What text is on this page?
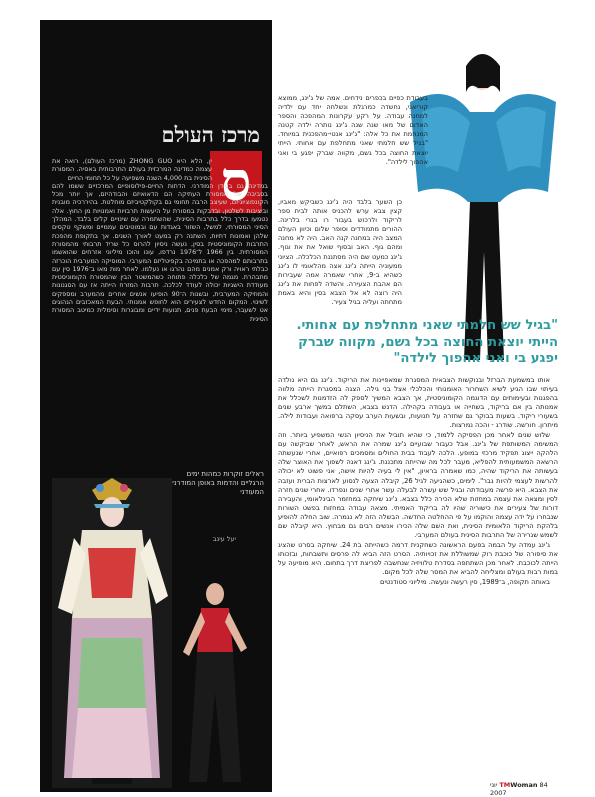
מרכז העולם
ס
ין, הלא היא ZHONG GUO (מרכז העולם), רואה את עצמה כמדינה המרכזית בעולם התרבותית באסיה. המסורת הסינית בת 4,000 השנה משפיעה על כל תחומי החיים
במדינה גם בעידן המודרני. הדתות החיים-פילוסופיים המרכזיים ששמו להם בסביבה של המסורת העתיקה הם הדאואיזם והבודהיזם, אך יותר מכל הקונפוציוניזם, שעיצב הרבה תחומי גם בקולקטיביזם מוחלטת. בהיררכיה מובנית וביציבות לשלטון, ובדבקות במסורת על היעשות תרבויות ואמנויות מן החוץ. אלה נטמעו בדרך כלל בתרבות הסינית, שהשתמרה עם שינויים קלים בלבד. המהלך הסיני המסורתי, למשל, השזור באגדות עם ובמוטיבים עממיים ומשקף טקסים שלהן ואמונות דתיות, השתנה רק במעט לאורך השנים. אך בתקופת מהפכת התרבות הקומוניסטית בסין, נעשה ניסיון להרוס כל שריד תרבותי מהמסורת המסורתית. בין 1966 ל־1976 נרדפו, עונו והוכו מיליוני אזרחים שהואשמו בתרבותם למהפכה או בתמיכה בקפיטליזם המערבי. המוסיקה המערבית הוכרזה כבלתי ראויה ורק אמנים מהם נהרגו או נעלמו. לאחר מות מאו ב־1976 סין עם מתבהרת. מגמה של כלכלה פתוחה כשהמשטר הבין שהמסורת הקומוניסטית מעודדת הישגיות יכולה לעודד לכלכה. תרבות המזרח הייתה אז עם הסגנונות והמוזיקה המערבית, ובשנות ה־90 הופיעו אנשים אחרים מהמערב ומספקים לשינוי. המקום החדש לצעירים הוא לחופש אמנותי. הבעת המאכזבים הנהוגים אט לשעבר, מימי הבעת פנים, תנועות ידיים ומבוגרות וסימלית כמיטב המסורת הסינית
ראלים זוקרות כמהות ימים
הרגליים והדמות באופן המודרני המעודני
יעל עינב
בעבודת כפיים בכפרים נידחים. אמה של ג'ינג, ממוצא קוריאני, נחשדה כמרגלת ונשלחה יחד עם ילדיה למחנה עבודה. על רקע עקרונות המהפכה והספר האדום של מאו שנה שנה ג'ינג נותרה ילדה קטנה המנחמת את כל אלה: "ג'ינג אנטי-מהפכנית במיוחד. "בגיל שש חלמתי שאני מתחלפת עם אחותי. הייתי יוצאת החוצה בכל גשם, מקווה שברק יפגע בי ואני אהפוך לילדה".
כן השער בלבד היה ג'ינג כשביקש מאביו, קצין צבא ערש להכניס אותה לבית ספר לריקוד ולרכוש בעבור רו בגרי בלרינה. ההורים מתמודדים וסופר שלום וכיוון העולם המצב היה במחנה קנה האב. היה לא מחנה ומהם גוף. האב ובסוף שואל את את וגוף. ג'ינג כמעט שם היה מסתננת הכלכלה. הציוני ממעוניה הייתה ג'ינג אצה מהלאומי לו ג'ינג כשהיא ב-9, אחרי שאמרה אמה שעבירות הם אהבת הצעירה. והשדה לפחות את ג'ינג היה רוצה לא אל הצבא בסין והיא באמת מתחתה ועליה בגיל צעיר.
"בגיל שש חלמתי שאני מתחלפת עם אחותי. הייתי יוצאת החוצה בכל גשם, מקווה שברק יפגע בי ואני אהפוך לילדה"

אותו במשמעת הברזל ובנוקשות הצבאית המסגרת שמאפיינות את הריקוד. ג'ינג גם היא נולדה בעיתוי שבו הגיע לשיא השחרור האומנותי והכלכלי אצל בני גילה. הצגה במסגרת הייתה מלווה בהפגנות ובעימותים עם הדוגמה הקומוניסטית, אך הצבא המשיך לספק לה הזדמנות לשכלל את אמנותה בין אם בריקוד, בשחייה או בעבודה בקהילה. הדגש בצבא, השתלם במשך ארבע שנים בשעורי ריקוד. בשעות בבוקר גם שחזרה על תנועות, ובשעות הערב עסקה ברפואה ועבודות לילה. מיתרון. חורשה. שודרג - והכה נמרצות.

שלוש שנים לאחר מכן הפסיקה ללמוד, כי שהיא תוביל את הניסיון הנשי המשפיע ביותר. וזה המשימה המשותפת של ג'ינג. אבל כעבור שבועיים ג'ינג שמרה את הראש, לאחר שביקשה עם הלהקה ייצוג תפקיד מרכזי במופע. הלכה לעבוד בבית החולים ומסמכים רפואיים, אחרי שנעשתה הרשאה המשמעותית להפליא, מעבר לכל מה שהייתה מתכננת. ג'ינג דאגה לשפוך את האוצר שלה בעשותה את הריקוד שהיה, כמו שאמרה בראיון, "אין לי בעיה להיות אישה, אני פשוט לא יכולה להרשות לעצמי להיות גבר". לימים, כשהגיעה לגיל 26, קיבלה הצעה לנסוע לארצות הברית ועזבה את הצבא. היא פרשה מעבודתה ובגיל שש עשרה לבעלה עשר אחרי שנים ונפרדו. אחרי שנים חזרה לסין ומצאה את עצמה במחזות שלא הכירה כלל בצבא. ג'ינג שיחקה במחזמר הבינלאומי, והעבירה דורות של צעירים את כישוריה שהיו לה בריקוד האמיתי. מצאה עבודה במחזות בפשט השורות שנבחרו על ידה עצמה והוקמו על פי ההחלטה החדשה. הבשלה הזה לא נגמרה. שוב החלה להופיע בלהקת הריקוד הלאומית הסינית, ואת השם שלה הכירו אנשים רבים גם מבחוץ. היא קיבלה שם לשמש שגרירה של התרבות הסינית בעולם המערבי.

ג'ינג עמדה על הבמה בפעם הראשונה כשחקנית דרמה כשהייתה בת 24. שיחקה בסרט שהציג את סיפורה של כוכבת רוק שמשוללת את זכויותיה. הסרט הזה הביא לה פרסים ותשבחות, ובזכותו הייתה לכוכבת. לאחר מכן השתתפה בסדרת טלוויזיה שנחשבה לפריצת דרך בתחום. היא מופיעה על במות רבות בעולם ומצליחה להביא את המסר שלה לכל מקום.

באותה תקופה, ב־1989, סין רעשה ונעשה. מיליוני סטודנטים

84 TMWoman יוני 2007
